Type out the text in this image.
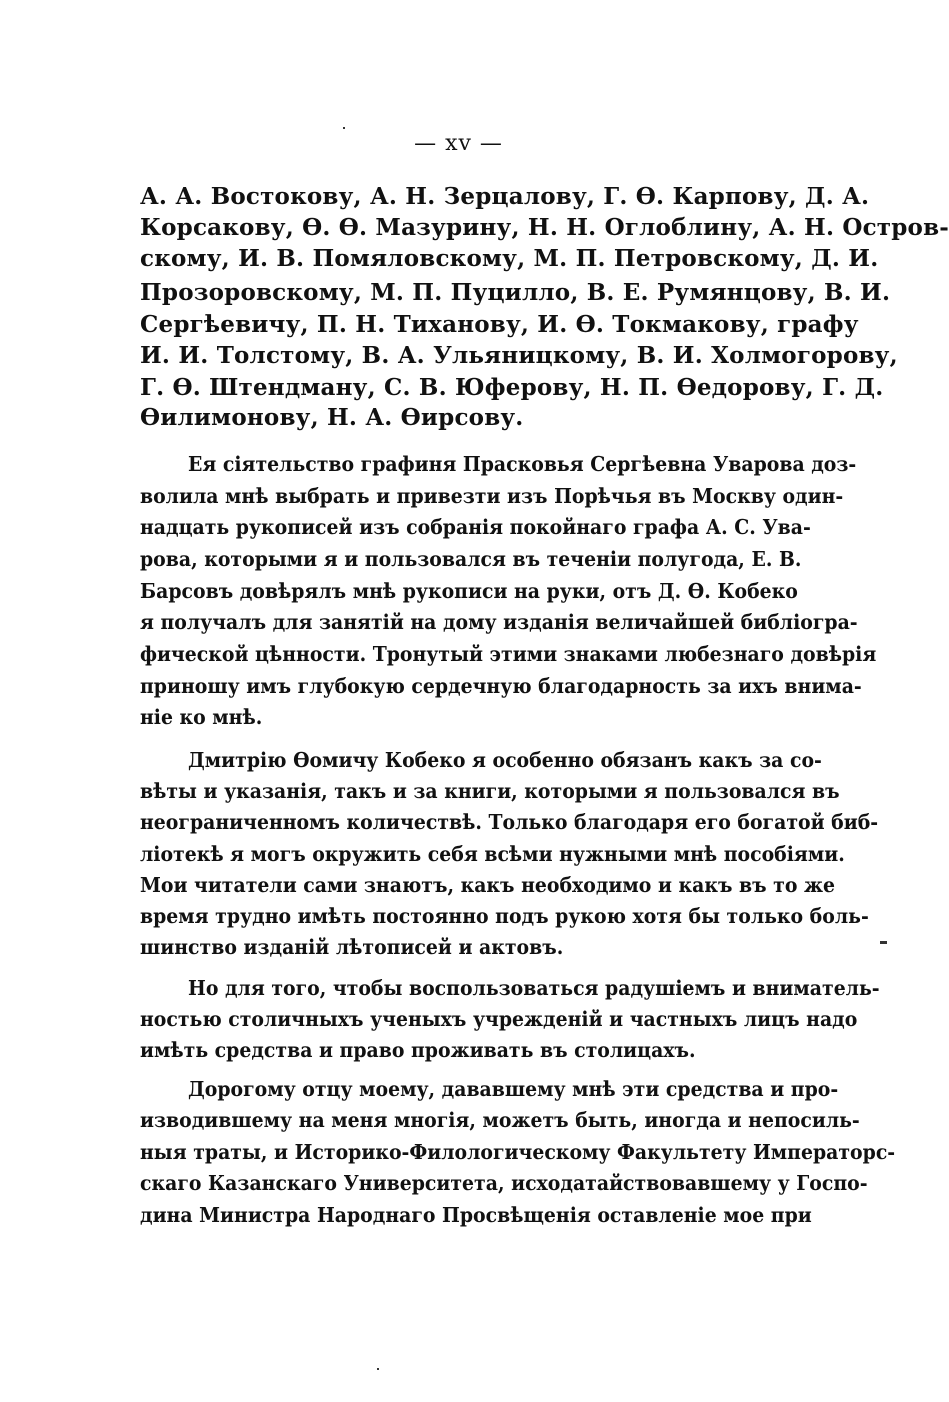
— xv —
А. А. Востокову, А. Н. Зерцалову, Г. Ѳ. Карпову, Д. А.
Корсакову, Ѳ. Ѳ. Мазурину, Н. Н. Оглоблину, А. Н. Остров-
скому, И. В. Помяловскому, М. П. Петровскому, Д. И.
Прозоровскому, М. П. Пуцилло, В. Е. Румянцову, В. И.
Сергѣевичу, П. Н. Тиханову, И. Ѳ. Токмакову, графу
И. И. Толстому, В. А. Ульяницкому, В. И. Холмогорову,
Г. Ѳ. Штендману, С. В. Юферову, Н. П. Ѳедорову, Г. Д.
Ѳилимонову, Н. А. Ѳирсову.
Ея сіятельство графиня Прасковья Сергѣевна Уварова доз-
волила мнѣ выбрать и привезти изъ Порѣчья въ Москву один-
надцать рукописей изъ собранія покойнаго графа А. С. Ува-
рова, которыми я и пользовался въ теченіи полугода, Е. В.
Барсовъ довѣрялъ мнѣ рукописи на руки, отъ Д. Ѳ. Кобеко
я получалъ для занятій на дому изданія величайшей библіогра-
фической цѣнности. Тронутый этими знаками любезнаго довѣрія
приношу имъ глубокую сердечную благодарность за ихъ внима-
ніе ко мнѣ.
Дмитрію Ѳомичу Кобеко я особенно обязанъ какъ за со-
вѣты и указанія, такъ и за книги, которыми я пользовался въ
неограниченномъ количествѣ. Только благодаря его богатой биб-
ліотекѣ я могъ окружить себя всѣми нужными мнѣ пособіями.
Мои читатели сами знаютъ, какъ необходимо и какъ въ то же
время трудно имѣть постоянно подъ рукою хотя бы только боль-
шинство изданій лѣтописей и актовъ.
Но для того, чтобы воспользоваться радушіемъ и вниматель-
ностью столичныхъ ученыхъ учрежденій и частныхъ лицъ надо
имѣть средства и право проживать въ столицахъ.
Дорогому отцу моему, дававшему мнѣ эти средства и про-
изводившему на меня многія, можетъ быть, иногда и непосиль-
ныя траты, и Историко-Филологическому Факультету Императорс-
скаго Казанскаго Университета, исходатайствовавшему у Госпо-
дина Министра Народнаго Просвѣщенія оставленіе мое при
